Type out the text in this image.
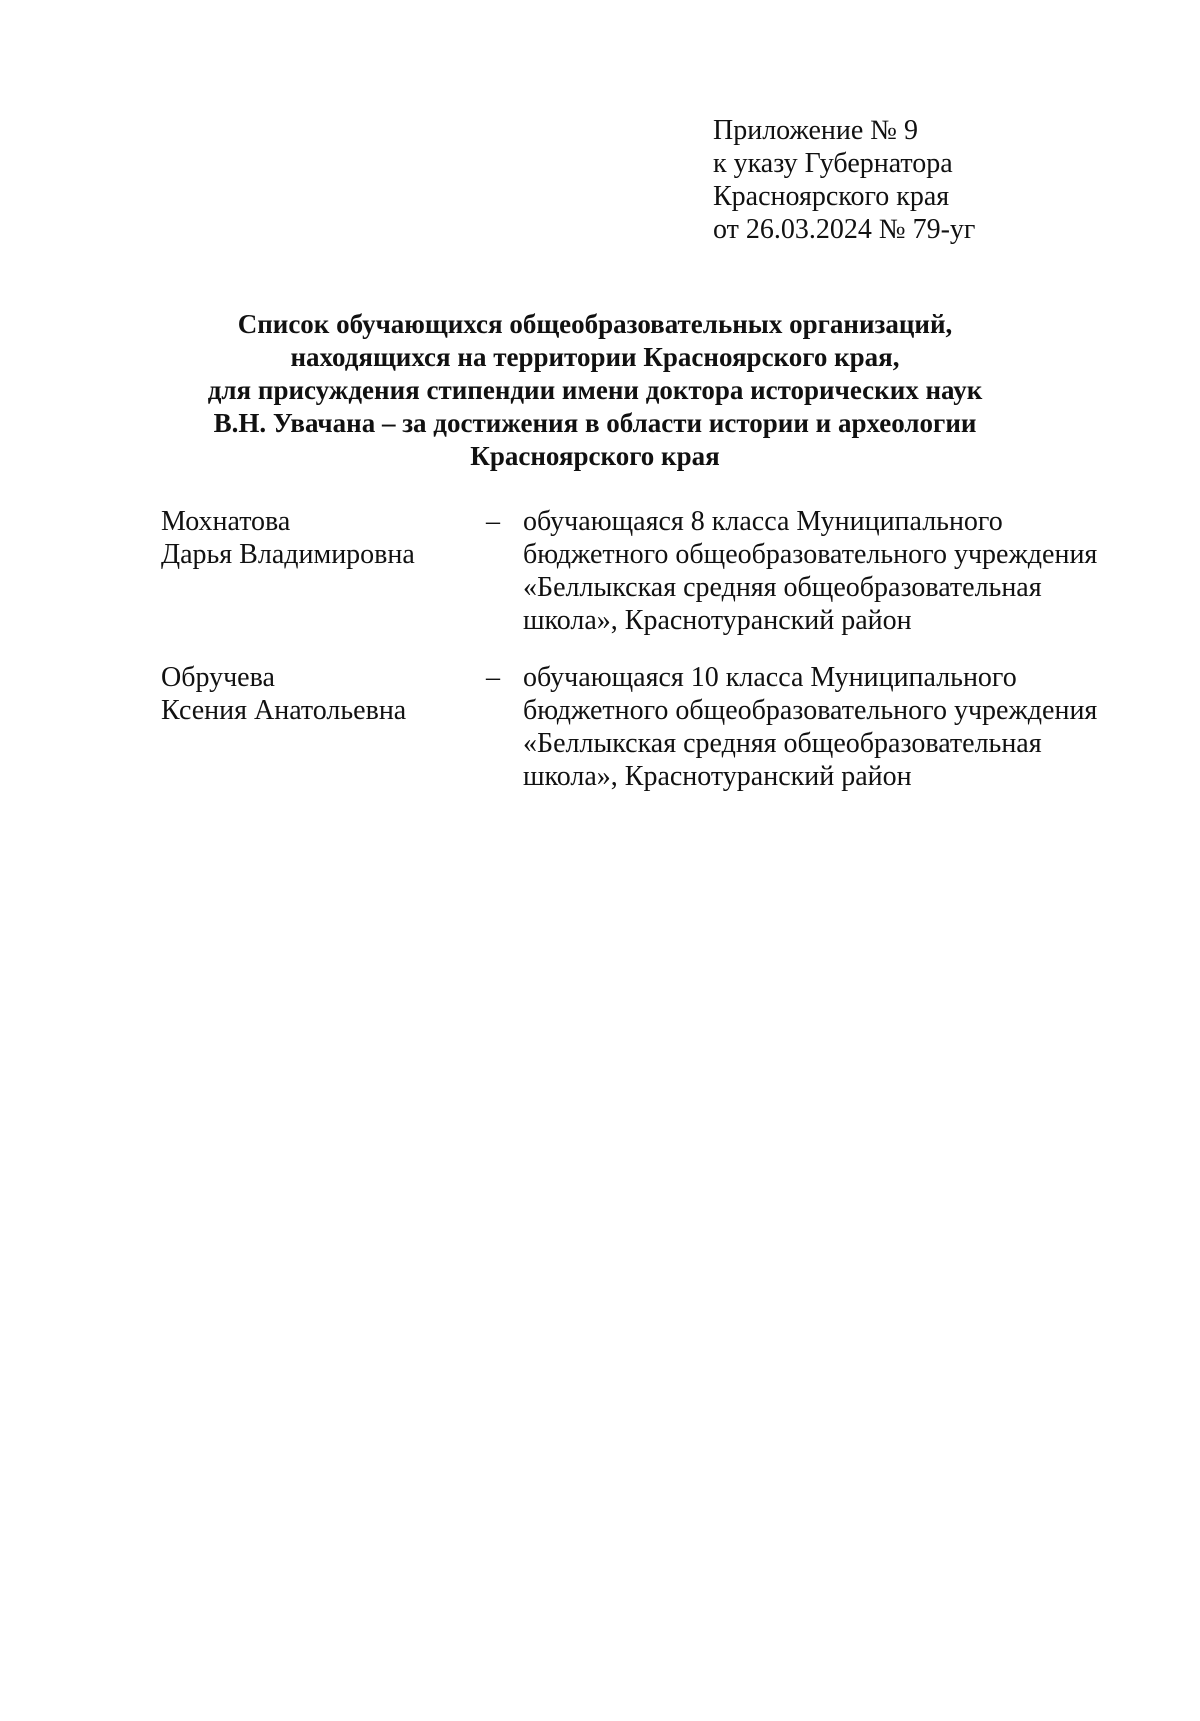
Приложение № 9
к указу Губернатора
Красноярского края
от 26.03.2024 № 79-уг
Список обучающихся общеобразовательных организаций,
находящихся на территории Красноярского края,
для присуждения стипендии имени доктора исторических наук
В.Н. Увачана – за достижения в области истории и археологии
Красноярского края
Мохнатова
Дарья Владимировна
– обучающаяся 8 класса Муниципального
бюджетного общеобразовательного учреждения
«Беллыкская средняя общеобразовательная
школа», Краснотуранский район
Обручева
Ксения Анатольевна
– обучающаяся 10 класса Муниципального
бюджетного общеобразовательного учреждения
«Беллыкская средняя общеобразовательная
школа», Краснотуранский район
